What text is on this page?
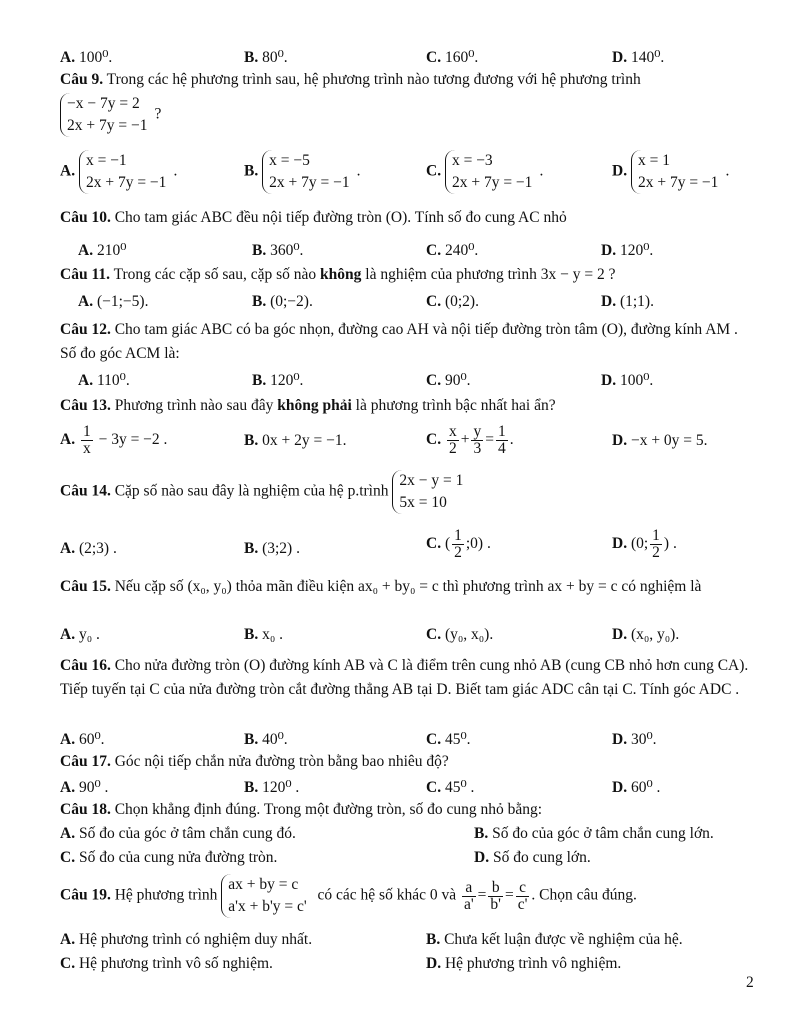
A. 100⁰.	B. 80⁰.	C. 160⁰.	D. 140⁰.
Câu 9. Trong các hệ phương trình sau, hệ phương trình nào tương đương với hệ phương trình
−x − 7y = 2
2x + 7y = −1
?
A.
x = −1
2x + 7y = −1
.	B.
x = −5
2x + 7y = −1
.	C.
x = −3
2x + 7y = −1
.	D.
x = 1
2x + 7y = −1
.
Câu 10. Cho tam giác ABC đều nội tiếp đường tròn (O). Tính số đo cung AC nhỏ
A. 210⁰	B. 360⁰.	C. 240⁰.	D. 120⁰.
Câu 11. Trong các cặp số sau, cặp số nào không là nghiệm của phương trình 3x − y = 2 ?
A. (−1;−5).	B. (0;−2).	C. (0;2).	D. (1;1).
Câu 12. Cho tam giác ABC có ba góc nhọn, đường cao AH và nội tiếp đường tròn tâm (O), đường kính AM . Số đo góc ACM là:
A. 110⁰.	B. 120⁰.	C. 90⁰.	D. 100⁰.
Câu 13. Phương trình nào sau đây không phải là phương trình bậc nhất hai ẩn?
A. $\frac{1}{x} - 3y = -2$ .	B. 0x + 2y = −1.	C. $\frac{x}{2} + \frac{y}{3} = \frac{1}{4}$ .	D. −x + 0y = 5.
Câu 14. Cặp số nào sau đây là nghiệm của hệ p.trình
2x − y = 1
5x = 10
A. (2;3) .	B. (3;2) .	C. ( $\frac{1}{2}$ ;0) .	D. (0; $\frac{1}{2}$ ) .
Câu 15. Nếu cặp số (x₀, y₀) thỏa mãn điều kiện ax₀ + by₀ = c thì phương trình ax + by = c có nghiệm là
A. y₀ .	B. x₀ .	C. (y₀, x₀).	D. (x₀, y₀).
Câu 16. Cho nửa đường tròn (O) đường kính AB và C là điểm trên cung nhỏ AB (cung CB nhỏ hơn cung CA). Tiếp tuyến tại C của nửa đường tròn cắt đường thẳng AB tại D. Biết tam giác ADC cân tại C. Tính góc ADC .
A. 60⁰.	B. 40⁰.	C. 45⁰.	D. 30⁰.
Câu 17. Góc nội tiếp chắn nửa đường tròn bằng bao nhiêu độ?
A. 90⁰ .	B. 120⁰ .	C. 45⁰ .	D. 60⁰ .
Câu 18. Chọn khẳng định đúng. Trong một đường tròn, số đo cung nhỏ bằng:
A. Số đo của góc ở tâm chắn cung đó.	B. Số đo của góc ở tâm chắn cung lớn.
C. Số đo của cung nửa đường tròn.	D. Số đo cung lớn.
Câu 19. Hệ phương trình
ax + by = c
a'x + b'y = c'
có các hệ số khác 0 và $\frac{a}{a'} = \frac{b}{b'} = \frac{c}{c'}$ . Chọn câu đúng.
A. Hệ phương trình có nghiệm duy nhất.	B. Chưa kết luận được về nghiệm của hệ.
C. Hệ phương trình vô số nghiệm.	D. Hệ phương trình vô nghiệm.
2
